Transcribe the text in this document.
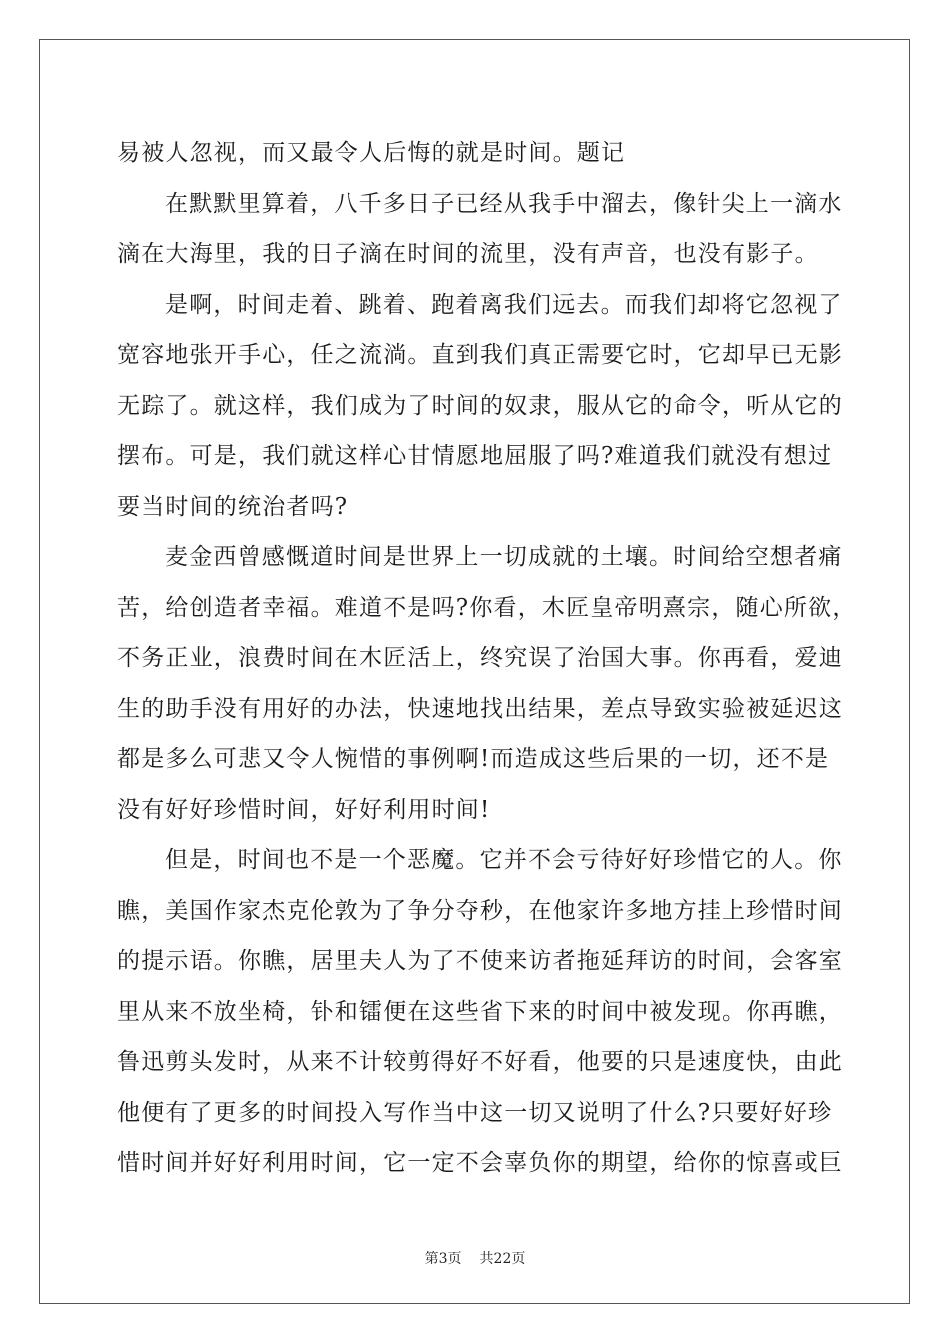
易被人忽视，而又最令人后悔的就是时间。题记
在默默里算着，八千多日子已经从我手中溜去，像针尖上一滴水
滴在大海里，我的日子滴在时间的流里，没有声音，也没有影子。
是啊，时间走着、跳着、跑着离我们远去。而我们却将它忽视了
宽容地张开手心，任之流淌。直到我们真正需要它时，它却早已无影
无踪了。就这样，我们成为了时间的奴隶，服从它的命令，听从它的
摆布。可是，我们就这样心甘情愿地屈服了吗?难道我们就没有想过
要当时间的统治者吗?
麦金西曾感慨道时间是世界上一切成就的土壤。时间给空想者痛
苦，给创造者幸福。难道不是吗?你看，木匠皇帝明熹宗，随心所欲，
不务正业，浪费时间在木匠活上，终究误了治国大事。你再看，爱迪
生的助手没有用好的办法，快速地找出结果，差点导致实验被延迟这
都是多么可悲又令人惋惜的事例啊!而造成这些后果的一切，还不是
没有好好珍惜时间，好好利用时间!
但是，时间也不是一个恶魔。它并不会亏待好好珍惜它的人。你
瞧，美国作家杰克伦敦为了争分夺秒，在他家许多地方挂上珍惜时间
的提示语。你瞧，居里夫人为了不使来访者拖延拜访的时间，会客室
里从来不放坐椅，钋和镭便在这些省下来的时间中被发现。你再瞧，
鲁迅剪头发时，从来不计较剪得好不好看，他要的只是速度快，由此
他便有了更多的时间投入写作当中这一切又说明了什么?只要好好珍
惜时间并好好利用时间，它一定不会辜负你的期望，给你的惊喜或巨
第3页 共22页
